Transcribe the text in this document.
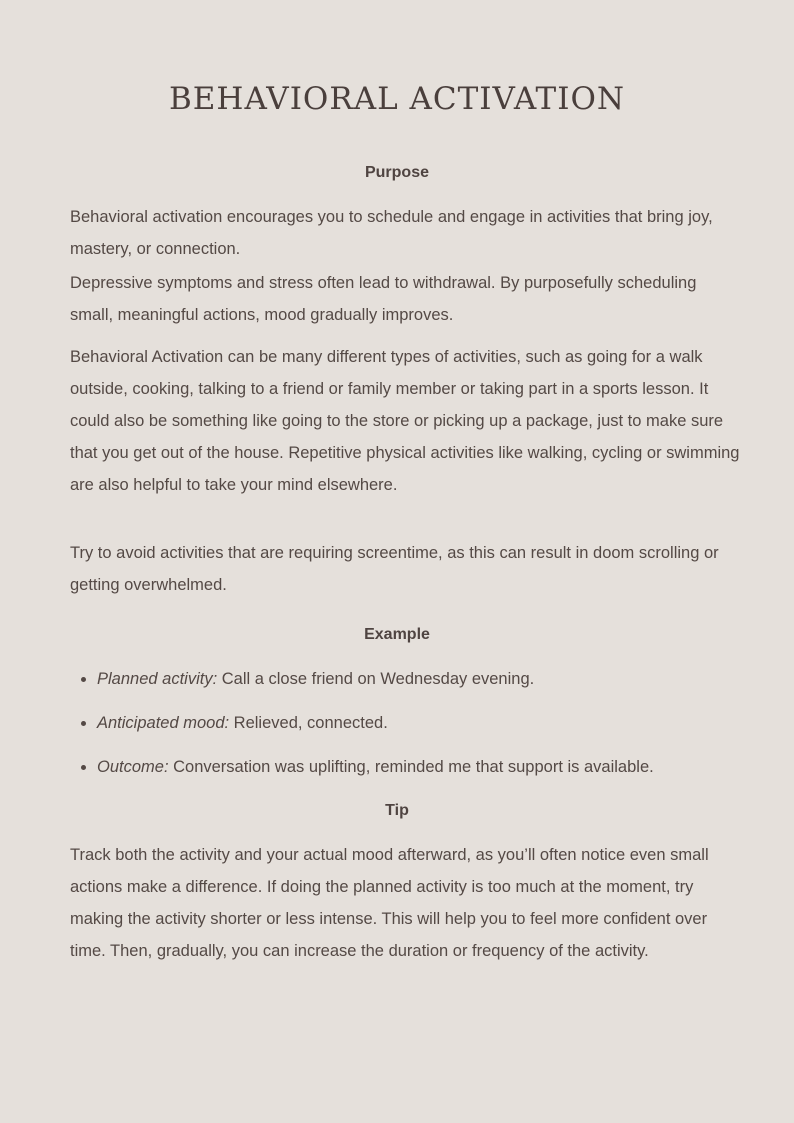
BEHAVIORAL ACTIVATION
Purpose

Behavioral activation encourages you to schedule and engage in activities that bring joy, mastery, or connection.

Depressive symptoms and stress often lead to withdrawal. By purposefully scheduling small, meaningful actions, mood gradually improves.

Behavioral Activation can be many different types of activities, such as going for a walk outside, cooking, talking to a friend or family member or taking part in a sports lesson. It could also be something like going to the store or picking up a package, just to make sure that you get out of the house. Repetitive physical activities like walking, cycling or swimming are also helpful to take your mind elsewhere.

Try to avoid activities that are requiring screentime, as this can result in doom scrolling or getting overwhelmed.

Example
Planned activity: Call a close friend on Wednesday evening.
Anticipated mood: Relieved, connected.
Outcome: Conversation was uplifting, reminded me that support is available.
Tip

Track both the activity and your actual mood afterward, as you’ll often notice even small actions make a difference. If doing the planned activity is too much at the moment, try making the activity shorter or less intense. This will help you to feel more confident over time. Then, gradually, you can increase the duration or frequency of the activity.
